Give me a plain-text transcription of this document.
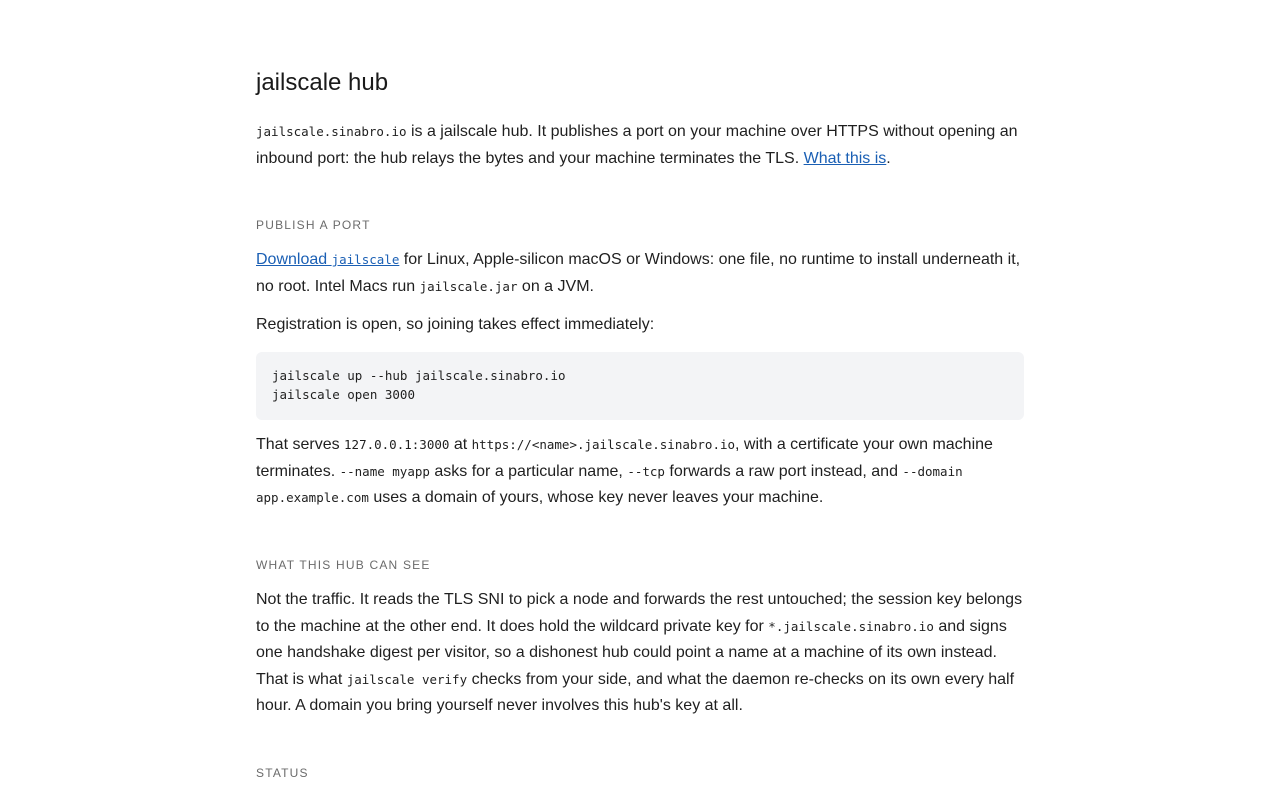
jailscale hub

jailscale.sinabro.io is a jailscale hub. It publishes a port on your machine over HTTPS without opening an inbound port: the hub relays the bytes and your machine terminates the TLS. What this is.

PUBLISH A PORT

Download jailscale for Linux, Apple-silicon macOS or Windows: one file, no runtime to install underneath it, no root. Intel Macs run jailscale.jar on a JVM.

Registration is open, so joining takes effect immediately:

jailscale up --hub jailscale.sinabro.io
jailscale open 3000

That serves 127.0.0.1:3000 at https://<name>.jailscale.sinabro.io, with a certificate your own machine terminates. --name myapp asks for a particular name, --tcp forwards a raw port instead, and --domain app.example.com uses a domain of yours, whose key never leaves your machine.

WHAT THIS HUB CAN SEE

Not the traffic. It reads the TLS SNI to pick a node and forwards the rest untouched; the session key belongs to the machine at the other end. It does hold the wildcard private key for *.jailscale.sinabro.io and signs one handshake digest per visitor, so a dishonest hub could point a name at a machine of its own instead. That is what jailscale verify checks from your side, and what the daemon re-checks on its own every half hour. A domain you bring yourself never involves this hub's key at all.

STATUS
